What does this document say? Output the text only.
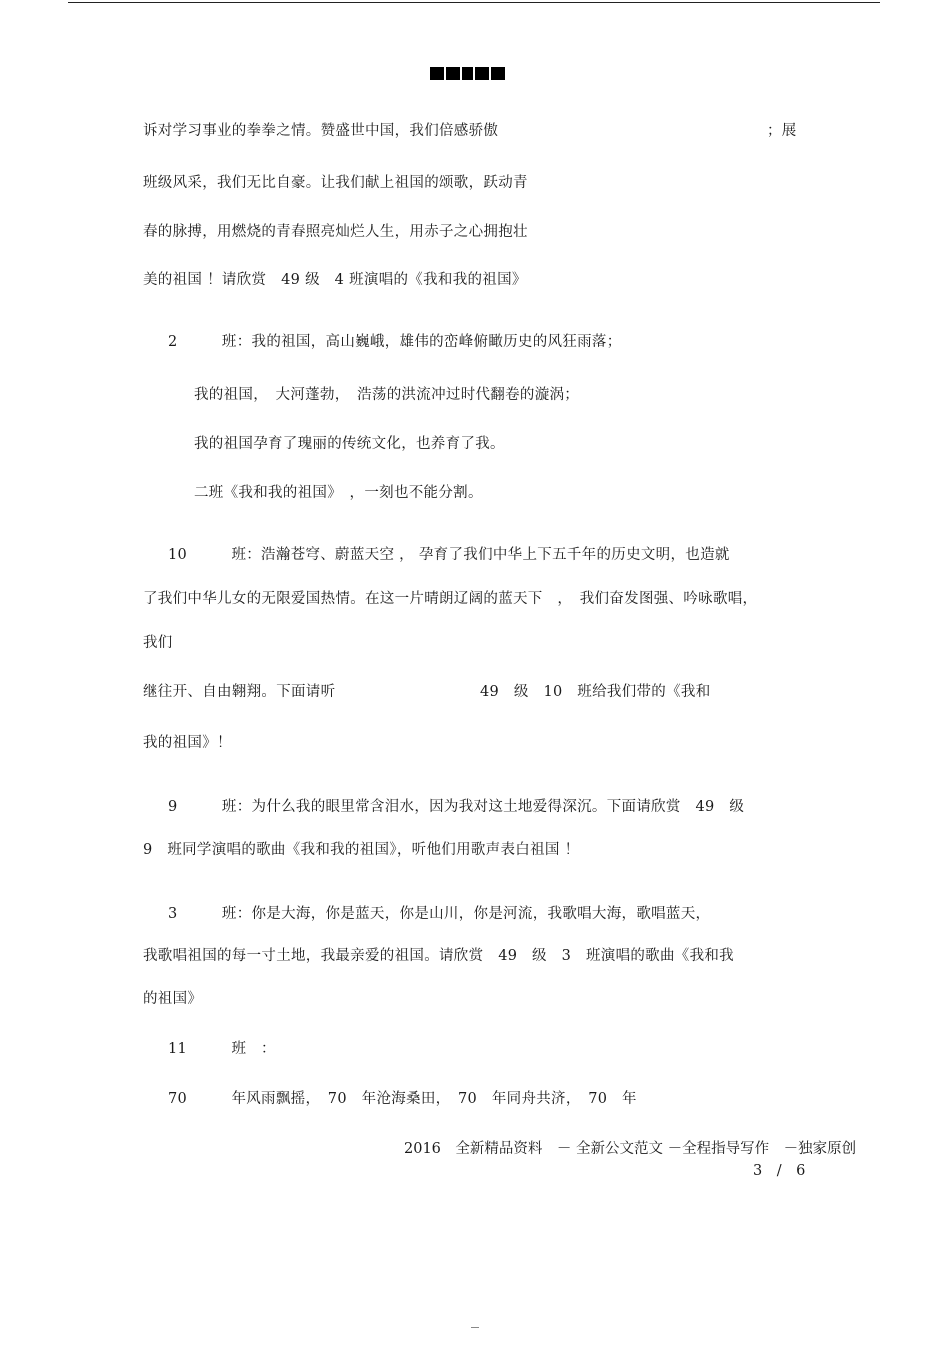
诉对学习事业的拳拳之情。赞盛世中国，我们倍感骄傲	；展
班级风采，我们无比自豪。让我们献上祖国的颂歌，跃动青
春的脉搏，用燃烧的青春照亮灿烂人生，用赤子之心拥抱壮
美的祖国 ！请欣赏　49 级　4 班演唱的《我和我的祖国》
2　　　班：我的祖国，高山巍峨，雄伟的峦峰俯瞰历史的风狂雨落；
我的祖国，　大河蓬勃，　浩荡的洪流冲过时代翻卷的漩涡；
我的祖国孕育了瑰丽的传统文化，也养育了我。
二班《我和我的祖国》　，一刻也不能分割。
10　　　班：浩瀚苍穹、蔚蓝天空 ， 孕育了我们中华上下五千年的历史文明，也造就
了我们中华儿女的无限爱国热情。在这一片晴朗辽阔的蓝天下　，　我们奋发图强、吟咏歌唱，
我们
继往开、自由翱翔。下面请听	49　级　10　班给我们带的《我和
我的祖国》！
9　　　班：为什么我的眼里常含泪水，因为我对这土地爱得深沉。下面请欣赏　49　级
9　班同学演唱的歌曲《我和我的祖国》，听他们用歌声表白祖国 ！
3　　　班：你是大海，你是蓝天，你是山川，你是河流，我歌唱大海，歌唱蓝天，
我歌唱祖国的每一寸土地，我最亲爱的祖国。请欣赏　49　级　3　班演唱的歌曲《我和我
的祖国》
11　　　班　：
70　　　年风雨飘摇，　70　年沧海桑田，　70　年同舟共济，　70　年
2016　全新精品资料　－ 全新公文范文 －全程指导写作　－独家原创
3　/　6
